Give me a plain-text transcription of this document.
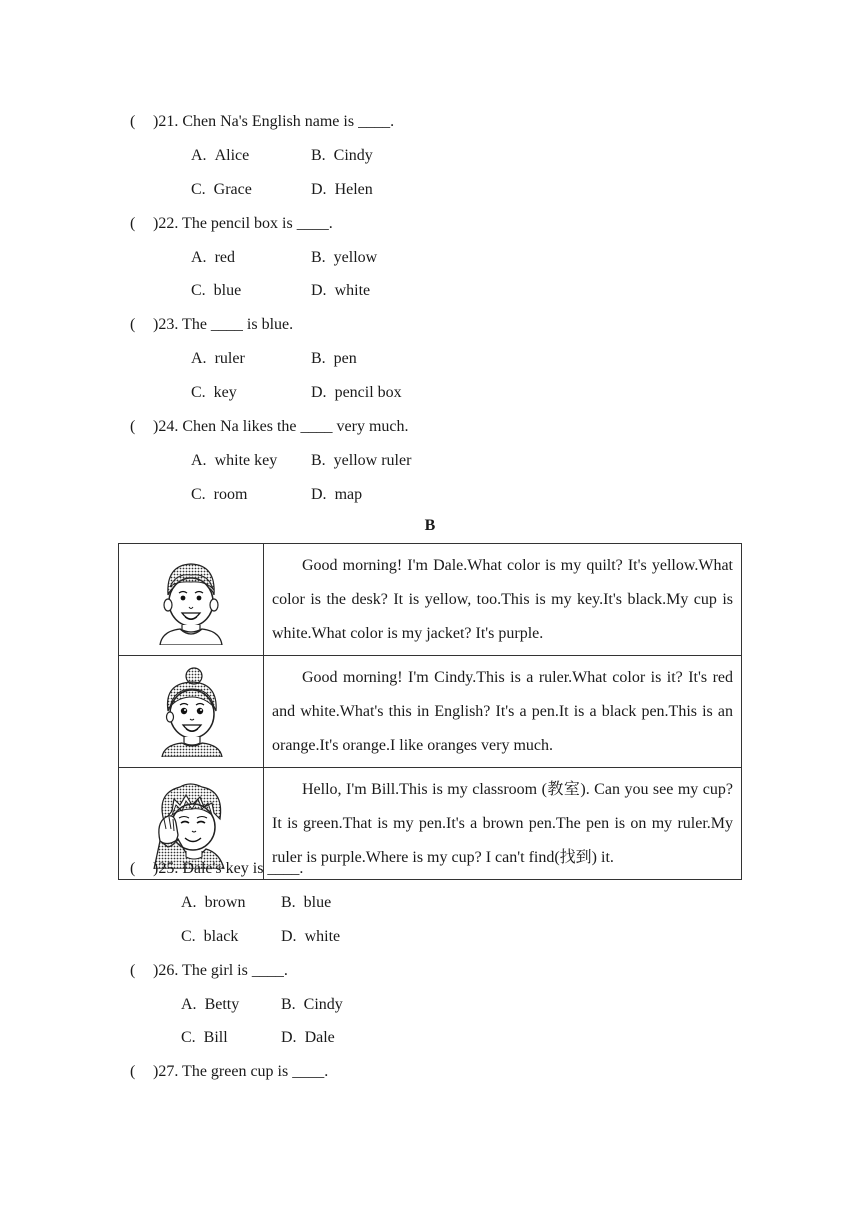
( )21. Chen Na's English name is ____.
A. Alice	B. Cindy
C. Grace	D. Helen
( )22. The pencil box is ____.
A. red	B. yellow
C. blue	D. white
( )23. The ____ is blue.
A. ruler	B. pen
C. key	D. pencil box
( )24. Chen Na likes the ____ very much.
A. white key B. yellow ruler
C. room	D. map
B
	Good morning! I'm Dale.What color is my quilt? It's yellow.What color is the desk? It is yellow, too.This is my key.It's black.My cup is white.What color is my jacket? It's purple.

	Good morning! I'm Cindy.This is a ruler.What color is it? It's red and white.What's this in English? It's a pen.It is a black pen.This is an orange.It's orange.I like oranges very much.

	Hello, I'm Bill.This is my classroom (教室). Can you see my cup? It is green.That is my pen.It's a brown pen.The pen is on my ruler.My ruler is purple.Where is my cup? I can't find(找到) it.
( )25. Dale's key is ____.
A. brown B. blue
C. black	D. white
( )26. The girl is ____.
A. Betty	B. Cindy
C. Bill	D. Dale
( )27. The green cup is ____.
